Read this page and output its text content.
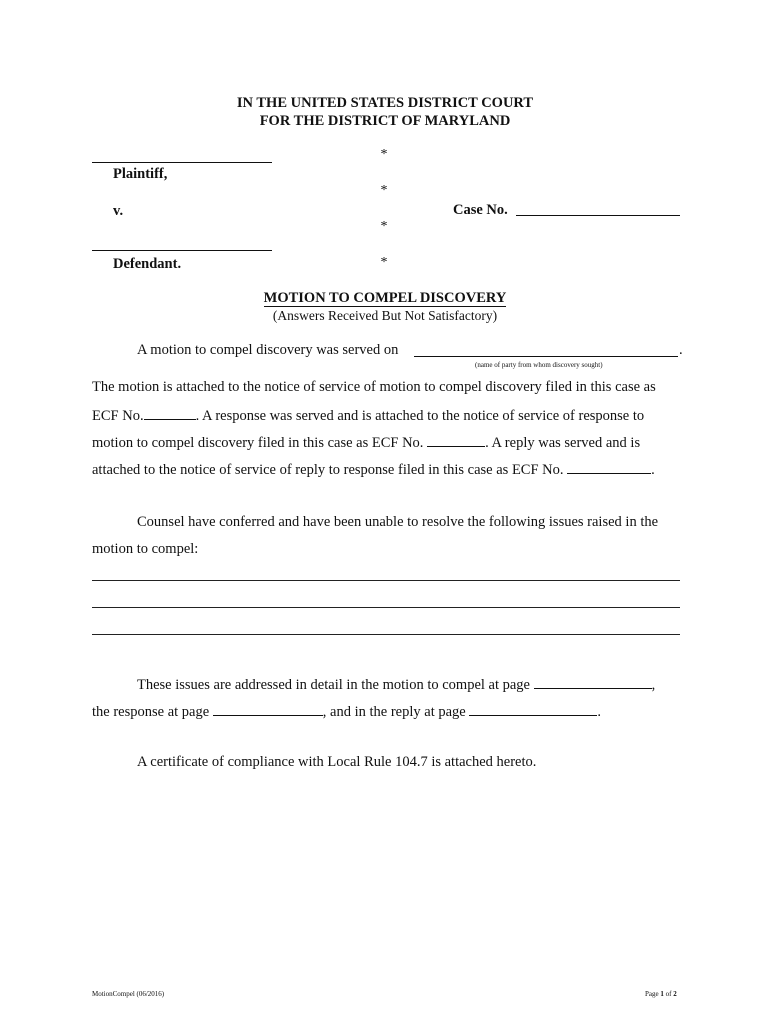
IN THE UNITED STATES DISTRICT COURT
FOR THE DISTRICT OF MARYLAND
Plaintiff,
v.
Defendant.
*
*
*
*
Case No.
MOTION TO COMPEL DISCOVERY
(Answers Received But Not Satisfactory)
A motion to compel discovery was served on	.
(name of party from whom discovery sought)
The motion is attached to the notice of service of motion to compel discovery filed in this case as
ECF No.	. A response was served and is attached to the notice of service of response to
motion to compel discovery filed in this case as ECF No.	. A reply was served and is
attached to the notice of service of reply to response filed in this case as ECF No.	.
Counsel have conferred and have been unable to resolve the following issues raised in the
motion to compel:
These issues are addressed in detail in the motion to compel at page	,
the response at page	, and in the reply at page	.
A certificate of compliance with Local Rule 104.7 is attached hereto.
MotionCompel (06/2016)	Page 1 of 2
